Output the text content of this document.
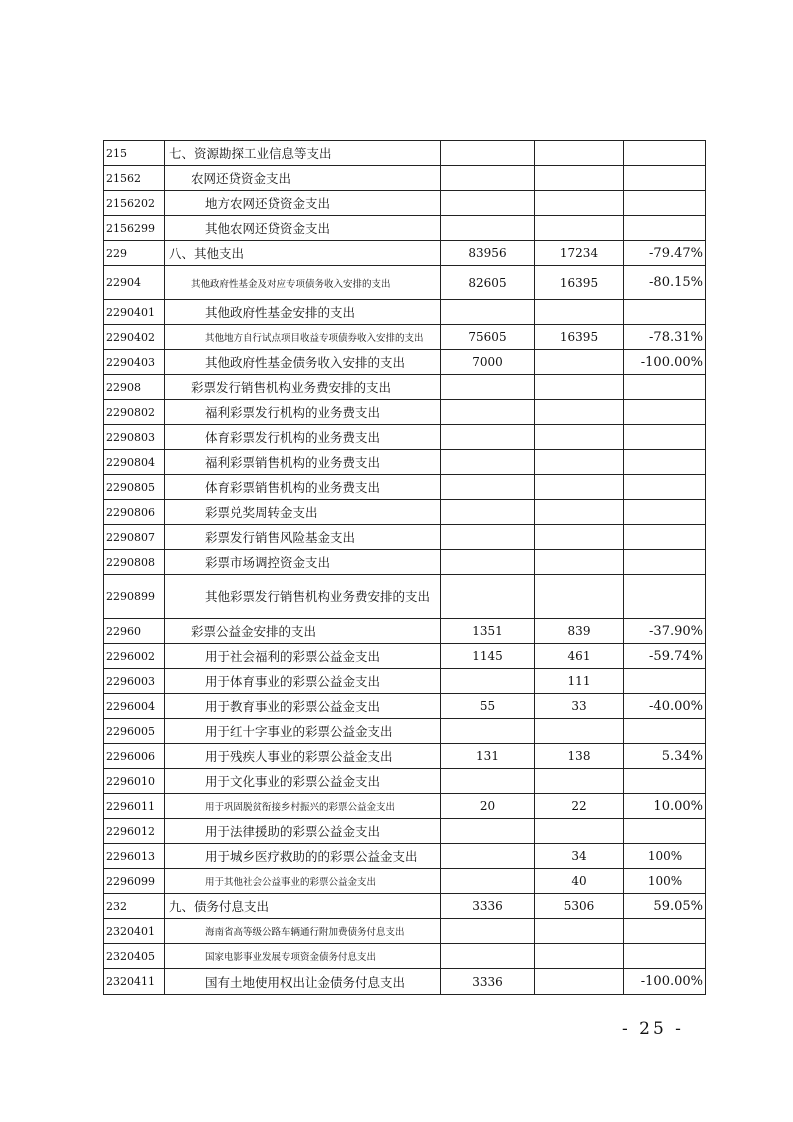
215	七、资源勘探工业信息等支出			
21562	农网还贷资金支出			
2156202	地方农网还贷资金支出			
2156299	其他农网还贷资金支出			
229	八、其他支出	83956	17234	-79.47%
22904	其他政府性基金及对应专项债务收入安排的支出	82605	16395	-80.15%
2290401	其他政府性基金安排的支出			
2290402	其他地方自行试点项目收益专项债券收入安排的支出	75605	16395	-78.31%
2290403	其他政府性基金债务收入安排的支出	7000		-100.00%
22908	彩票发行销售机构业务费安排的支出			
2290802	福利彩票发行机构的业务费支出			
2290803	体育彩票发行机构的业务费支出			
2290804	福利彩票销售机构的业务费支出			
2290805	体育彩票销售机构的业务费支出			
2290806	彩票兑奖周转金支出			
2290807	彩票发行销售风险基金支出			
2290808	彩票市场调控资金支出			
2290899	其他彩票发行销售机构业务费安排的支出			
22960	彩票公益金安排的支出	1351	839	-37.90%
2296002	用于社会福利的彩票公益金支出	1145	461	-59.74%
2296003	用于体育事业的彩票公益金支出		111	
2296004	用于教育事业的彩票公益金支出	55	33	-40.00%
2296005	用于红十字事业的彩票公益金支出			
2296006	用于残疾人事业的彩票公益金支出	131	138	5.34%
2296010	用于文化事业的彩票公益金支出			
2296011	用于巩固脱贫衔接乡村振兴的彩票公益金支出	20	22	10.00%
2296012	用于法律援助的彩票公益金支出			
2296013	用于城乡医疗救助的的彩票公益金支出		34	100%
2296099	用于其他社会公益事业的彩票公益金支出		40	100%
232	九、债务付息支出	3336	5306	59.05%
2320401	海南省高等级公路车辆通行附加费债务付息支出			
2320405	国家电影事业发展专项资金债务付息支出			
2320411	国有土地使用权出让金债务付息支出	3336		-100.00%
- 25 -
